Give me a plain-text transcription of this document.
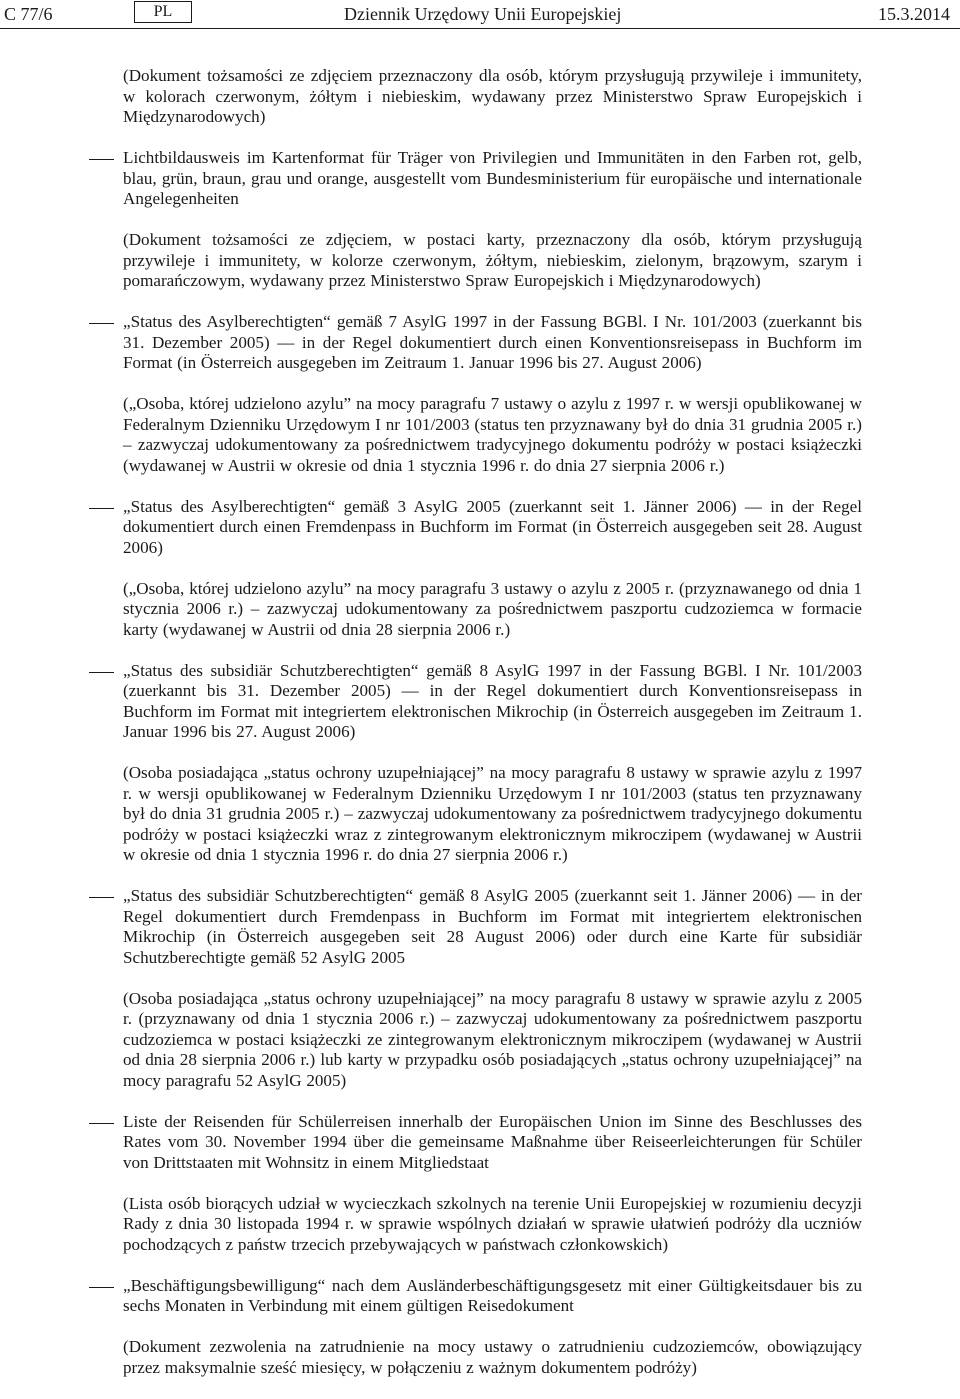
C 77/6	PL	Dziennik Urzędowy Unii Europejskiej	15.3.2014
(Dokument tożsamości ze zdjęciem przeznaczony dla osób, którym przysługują przywileje i immunitety, w kolorach czerwonym, żółtym i niebieskim, wydawany przez Ministerstwo Spraw Europejskich i Międzynarodowych)
Lichtbildausweis im Kartenformat für Träger von Privilegien und Immunitäten in den Farben rot, gelb, blau, grün, braun, grau und orange, ausgestellt vom Bundesministerium für europäische und internationale Angelegenheiten
(Dokument tożsamości ze zdjęciem, w postaci karty, przeznaczony dla osób, którym przysługują przywileje i immunitety, w kolorze czerwonym, żółtym, niebieskim, zielonym, brązowym, szarym i pomarańczowym, wydawany przez Ministerstwo Spraw Europejskich i Międzynarodowych)
„Status des Asylberechtigten“ gemäß 7 AsylG 1997 in der Fassung BGBl. I Nr. 101/2003 (zuerkannt bis 31. Dezember 2005) — in der Regel dokumentiert durch einen Konventionsreisepass in Buchform im Format (in Österreich ausgegeben im Zeitraum 1. Januar 1996 bis 27. August 2006)
(„Osoba, której udzielono azylu” na mocy paragrafu 7 ustawy o azylu z 1997 r. w wersji opublikowanej w Federalnym Dzienniku Urzędowym I nr 101/2003 (status ten przyznawany był do dnia 31 grudnia 2005 r.) – zazwyczaj udokumentowany za pośrednictwem tradycyjnego dokumentu podróży w postaci książeczki (wydawanej w Austrii w okresie od dnia 1 stycznia 1996 r. do dnia 27 sierpnia 2006 r.)
„Status des Asylberechtigten“ gemäß 3 AsylG 2005 (zuerkannt seit 1. Jänner 2006) — in der Regel dokumentiert durch einen Fremdenpass in Buchform im Format (in Österreich ausgegeben seit 28. August 2006)
(„Osoba, której udzielono azylu” na mocy paragrafu 3 ustawy o azylu z 2005 r. (przyznawanego od dnia 1 stycznia 2006 r.) – zazwyczaj udokumentowany za pośrednictwem paszportu cudzoziemca w formacie karty (wydawanej w Austrii od dnia 28 sierpnia 2006 r.)
„Status des subsidiär Schutzberechtigten“ gemäß 8 AsylG 1997 in der Fassung BGBl. I Nr. 101/2003 (zuerkannt bis 31. Dezember 2005) — in der Regel dokumentiert durch Konventionsreisepass in Buchform im Format mit integriertem elektronischen Mikrochip (in Österreich ausgegeben im Zeitraum 1. Januar 1996 bis 27. August 2006)
(Osoba posiadająca „status ochrony uzupełniającej” na mocy paragrafu 8 ustawy w sprawie azylu z 1997 r. w wersji opublikowanej w Federalnym Dzienniku Urzędowym I nr 101/2003 (status ten przyznawany był do dnia 31 grudnia 2005 r.) – zazwyczaj udokumentowany za pośrednictwem tradycyjnego dokumentu podróży w postaci książeczki wraz z zintegrowanym elektronicznym mikroczipem (wydawanej w Austrii w okresie od dnia 1 stycznia 1996 r. do dnia 27 sierpnia 2006 r.)
„Status des subsidiär Schutzberechtigten“ gemäß 8 AsylG 2005 (zuerkannt seit 1. Jänner 2006) — in der Regel dokumentiert durch Fremdenpass in Buchform im Format mit integriertem elektronischen Mikrochip (in Österreich ausgegeben seit 28 August 2006) oder durch eine Karte für subsidiär Schutzberechtigte gemäß 52 AsylG 2005
(Osoba posiadająca „status ochrony uzupełniającej” na mocy paragrafu 8 ustawy w sprawie azylu z 2005 r. (przyznawany od dnia 1 stycznia 2006 r.) – zazwyczaj udokumentowany za pośrednictwem paszportu cudzoziemca w postaci książeczki ze zintegrowanym elektronicznym mikroczipem (wydawanej w Austrii od dnia 28 sierpnia 2006 r.) lub karty w przypadku osób posiadających „status ochrony uzupełniającej” na mocy paragrafu 52 AsylG 2005)
Liste der Reisenden für Schülerreisen innerhalb der Europäischen Union im Sinne des Beschlusses des Rates vom 30. November 1994 über die gemeinsame Maßnahme über Reiseerleichterungen für Schüler von Drittstaaten mit Wohnsitz in einem Mitgliedstaat
(Lista osób biorących udział w wycieczkach szkolnych na terenie Unii Europejskiej w rozumieniu decyzji Rady z dnia 30 listopada 1994 r. w sprawie wspólnych działań w sprawie ułatwień podróży dla uczniów pochodzących z państw trzecich przebywających w państwach członkowskich)
„Beschäftigungsbewilligung“ nach dem Ausländerbeschäftigungsgesetz mit einer Gültigkeitsdauer bis zu sechs Monaten in Verbindung mit einem gültigen Reisedokument
(Dokument zezwolenia na zatrudnienie na mocy ustawy o zatrudnieniu cudzoziemców, obowiązujący przez maksymalnie sześć miesięcy, w połączeniu z ważnym dokumentem podróży)
